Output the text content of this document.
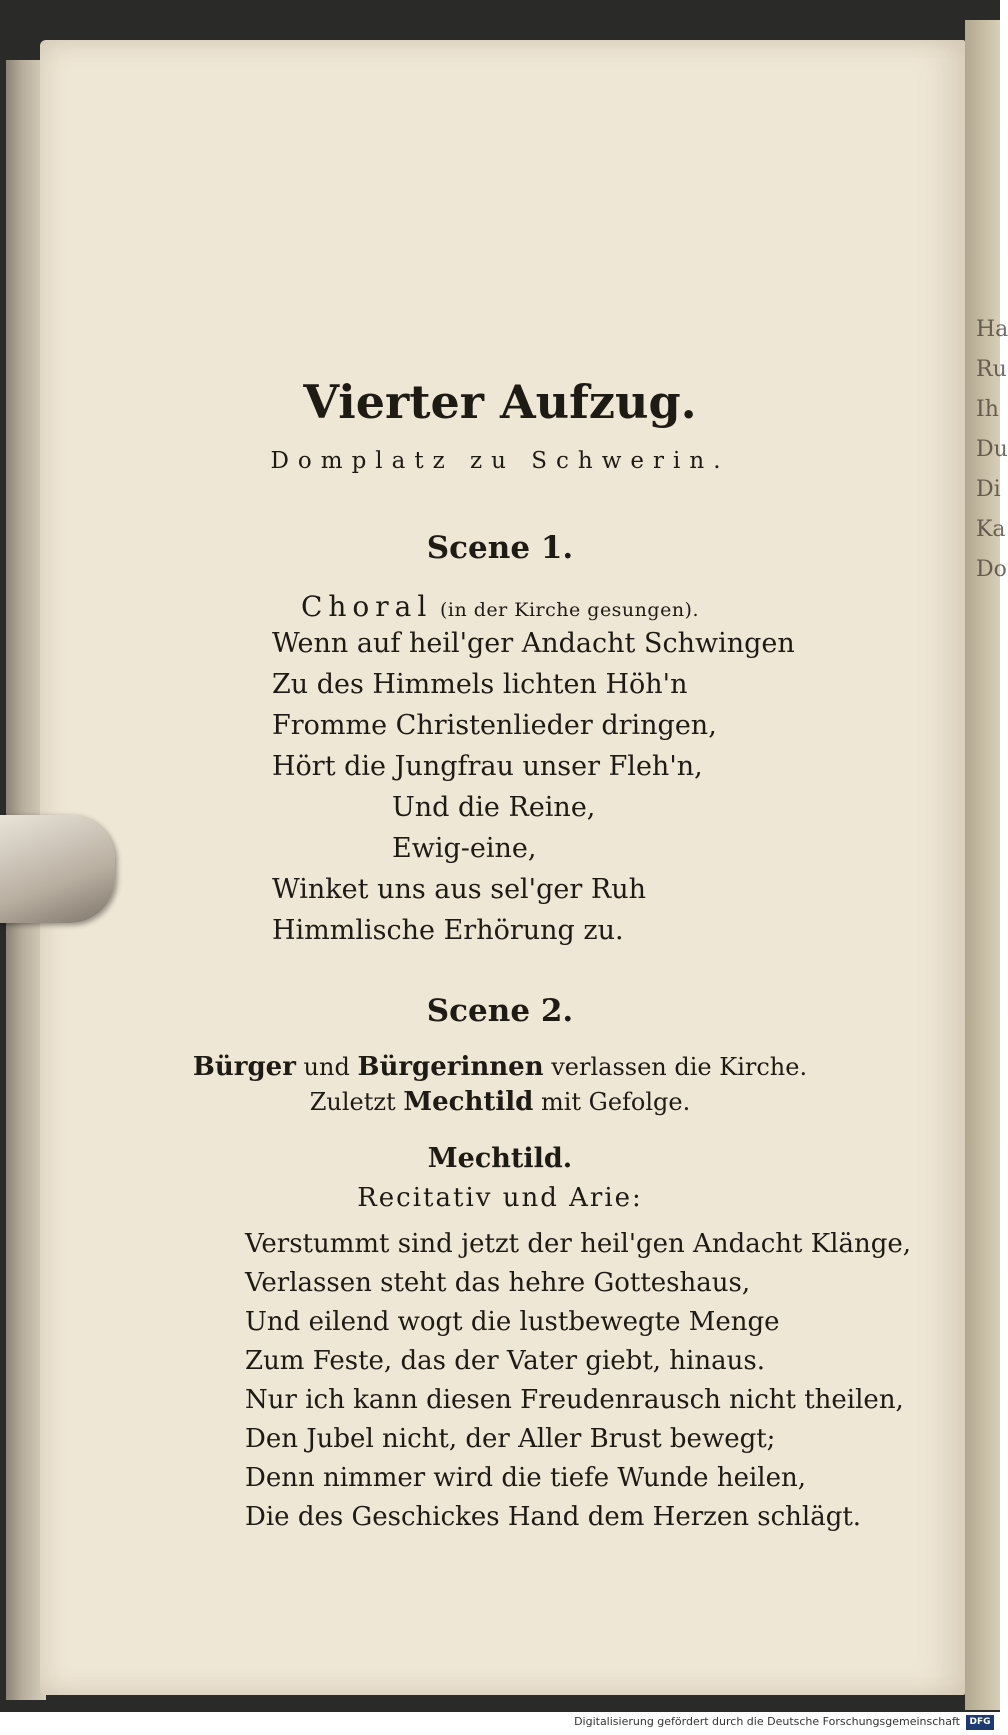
Ha
Ru
Ih
Du
Di
Ka
Do
Vierter Aufzug.
Domplatz zu Schwerin.
Scene 1.
Choral (in der Kirche gesungen).
Wenn auf heil'ger Andacht Schwingen
Zu des Himmels lichten Höh'n
Fromme Christenlieder dringen,
Hört die Jungfrau unser Fleh'n,
Und die Reine,
Ewig-eine,
Winket uns aus sel'ger Ruh
Himmlische Erhörung zu.
Scene 2.
Bürger und Bürgerinnen verlassen die Kirche.
Zuletzt Mechtild mit Gefolge.
Mechtild.
Recitativ und Arie:
Verstummt sind jetzt der heil'gen Andacht Klänge,
Verlassen steht das hehre Gotteshaus,
Und eilend wogt die lustbewegte Menge
Zum Feste, das der Vater giebt, hinaus.
Nur ich kann diesen Freudenrausch nicht theilen,
Den Jubel nicht, der Aller Brust bewegt;
Denn nimmer wird die tiefe Wunde heilen,
Die des Geschickes Hand dem Herzen schlägt.
Digitalisierung gefördert durch die Deutsche Forschungsgemeinschaft	DFG
